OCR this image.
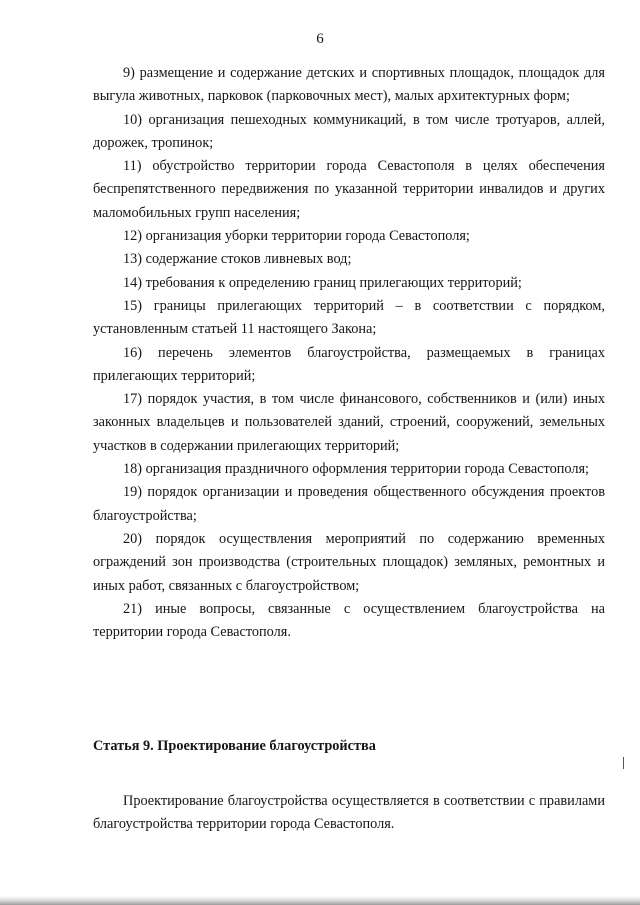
6

9) размещение и содержание детских и спортивных площадок, площадок для выгула животных, парковок (парковочных мест), малых архитектурных форм;

10) организация пешеходных коммуникаций, в том числе тротуаров, аллей, дорожек, тропинок;

11) обустройство территории города Севастополя в целях обеспечения беспрепятственного передвижения по указанной территории инвалидов и других маломобильных групп населения;

12) организация уборки территории города Севастополя;

13) содержание стоков ливневых вод;

14) требования к определению границ прилегающих территорий;

15) границы прилегающих территорий – в соответствии с порядком, установленным статьей 11 настоящего Закона;

16) перечень элементов благоустройства, размещаемых в границах прилегающих территорий;

17) порядок участия, в том числе финансового, собственников и (или) иных законных владельцев и пользователей зданий, строений, сооружений, земельных участков в содержании прилегающих территорий;

18) организация праздничного оформления территории города Севастополя;

19) порядок организации и проведения общественного обсуждения проектов благоустройства;

20) порядок осуществления мероприятий по содержанию временных ограждений зон производства (строительных площадок) земляных, ремонтных и иных работ, связанных с благоустройством;

21) иные вопросы, связанные с осуществлением благоустройства на территории города Севастополя.

Статья 9. Проектирование благоустройства

Проектирование благоустройства осуществляется в соответствии с правилами благоустройства территории города Севастополя.
